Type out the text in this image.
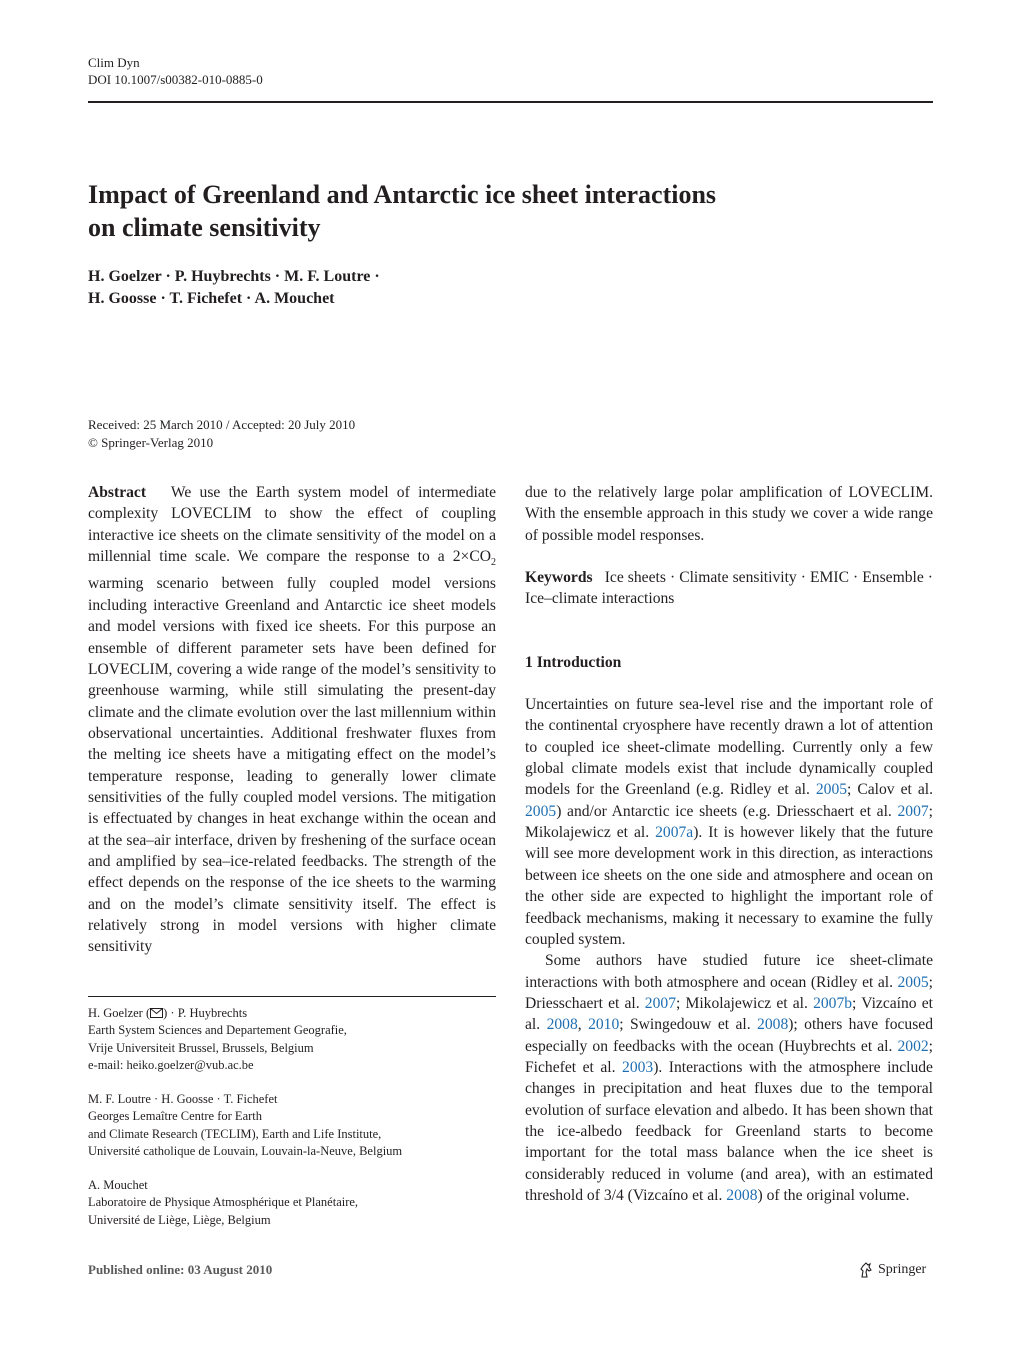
Clim Dyn
DOI 10.1007/s00382-010-0885-0
Impact of Greenland and Antarctic ice sheet interactions
on climate sensitivity
H. Goelzer · P. Huybrechts · M. F. Loutre ·
H. Goosse · T. Fichefet · A. Mouchet
Received: 25 March 2010 / Accepted: 20 July 2010
© Springer-Verlag 2010

Abstract We use the Earth system model of intermediate complexity LOVECLIM to show the effect of coupling interactive ice sheets on the climate sensitivity of the model on a millennial time scale. We compare the response to a $2\times CO_2$ warming scenario between fully coupled model versions including interactive Greenland and Antarctic ice sheet models and model versions with fixed ice sheets. For this purpose an ensemble of different parameter sets have been defined for LOVECLIM, covering a wide range of the model’s sensitivity to greenhouse warming, while still simulating the present-day climate and the climate evolution over the last millennium within observational uncertainties. Additional freshwater fluxes from the melting ice sheets have a mitigating effect on the model’s temperature response, leading to generally lower climate sensitivities of the fully coupled model versions. The mitigation is effectuated by changes in heat exchange within the ocean and at the sea–air interface, driven by freshening of the surface ocean and amplified by sea–ice-related feedbacks. The strength of the effect depends on the response of the ice sheets to the warming and on the model’s climate sensitivity itself. The effect is relatively strong in model versions with higher climate sensitivity

H. Goelzer ( ) · P. Huybrechts
Earth System Sciences and Departement Geografie,
Vrije Universiteit Brussel, Brussels, Belgium
e-mail: heiko.goelzer@vub.ac.be
M. F. Loutre · H. Goosse · T. Fichefet
Georges Lemaître Centre for Earth
and Climate Research (TECLIM), Earth and Life Institute,
Université catholique de Louvain, Louvain-la-Neuve, Belgium
A. Mouchet
Laboratoire de Physique Atmosphérique et Planétaire,
Université de Liège, Liège, Belgium

due to the relatively large polar amplification of LOVECLIM. With the ensemble approach in this study we cover a wide range of possible model responses.

Keywords Ice sheets · Climate sensitivity · EMIC · Ensemble · Ice–climate interactions

1 Introduction

Uncertainties on future sea-level rise and the important role of the continental cryosphere have recently drawn a lot of attention to coupled ice sheet-climate modelling. Currently only a few global climate models exist that include dynamically coupled models for the Greenland (e.g. Ridley et al. 2005; Calov et al. 2005) and/or Antarctic ice sheets (e.g. Driesschaert et al. 2007; Mikolajewicz et al. 2007a). It is however likely that the future will see more development work in this direction, as interactions between ice sheets on the one side and atmosphere and ocean on the other side are expected to highlight the important role of feedback mechanisms, making it necessary to examine the fully coupled system.

Some authors have studied future ice sheet-climate interactions with both atmosphere and ocean (Ridley et al. 2005; Driesschaert et al. 2007; Mikolajewicz et al. 2007b; Vizcaíno et al. 2008, 2010; Swingedouw et al. 2008); others have focused especially on feedbacks with the ocean (Huybrechts et al. 2002; Fichefet et al. 2003). Interactions with the atmosphere include changes in precipitation and heat fluxes due to the temporal evolution of surface elevation and albedo. It has been shown that the ice-albedo feedback for Greenland starts to become important for the total mass balance when the ice sheet is considerably reduced in volume (and area), with an estimated threshold of 3/4 (Vizcaíno et al. 2008) of the original volume.

Published online: 03 August 2010	Springer
